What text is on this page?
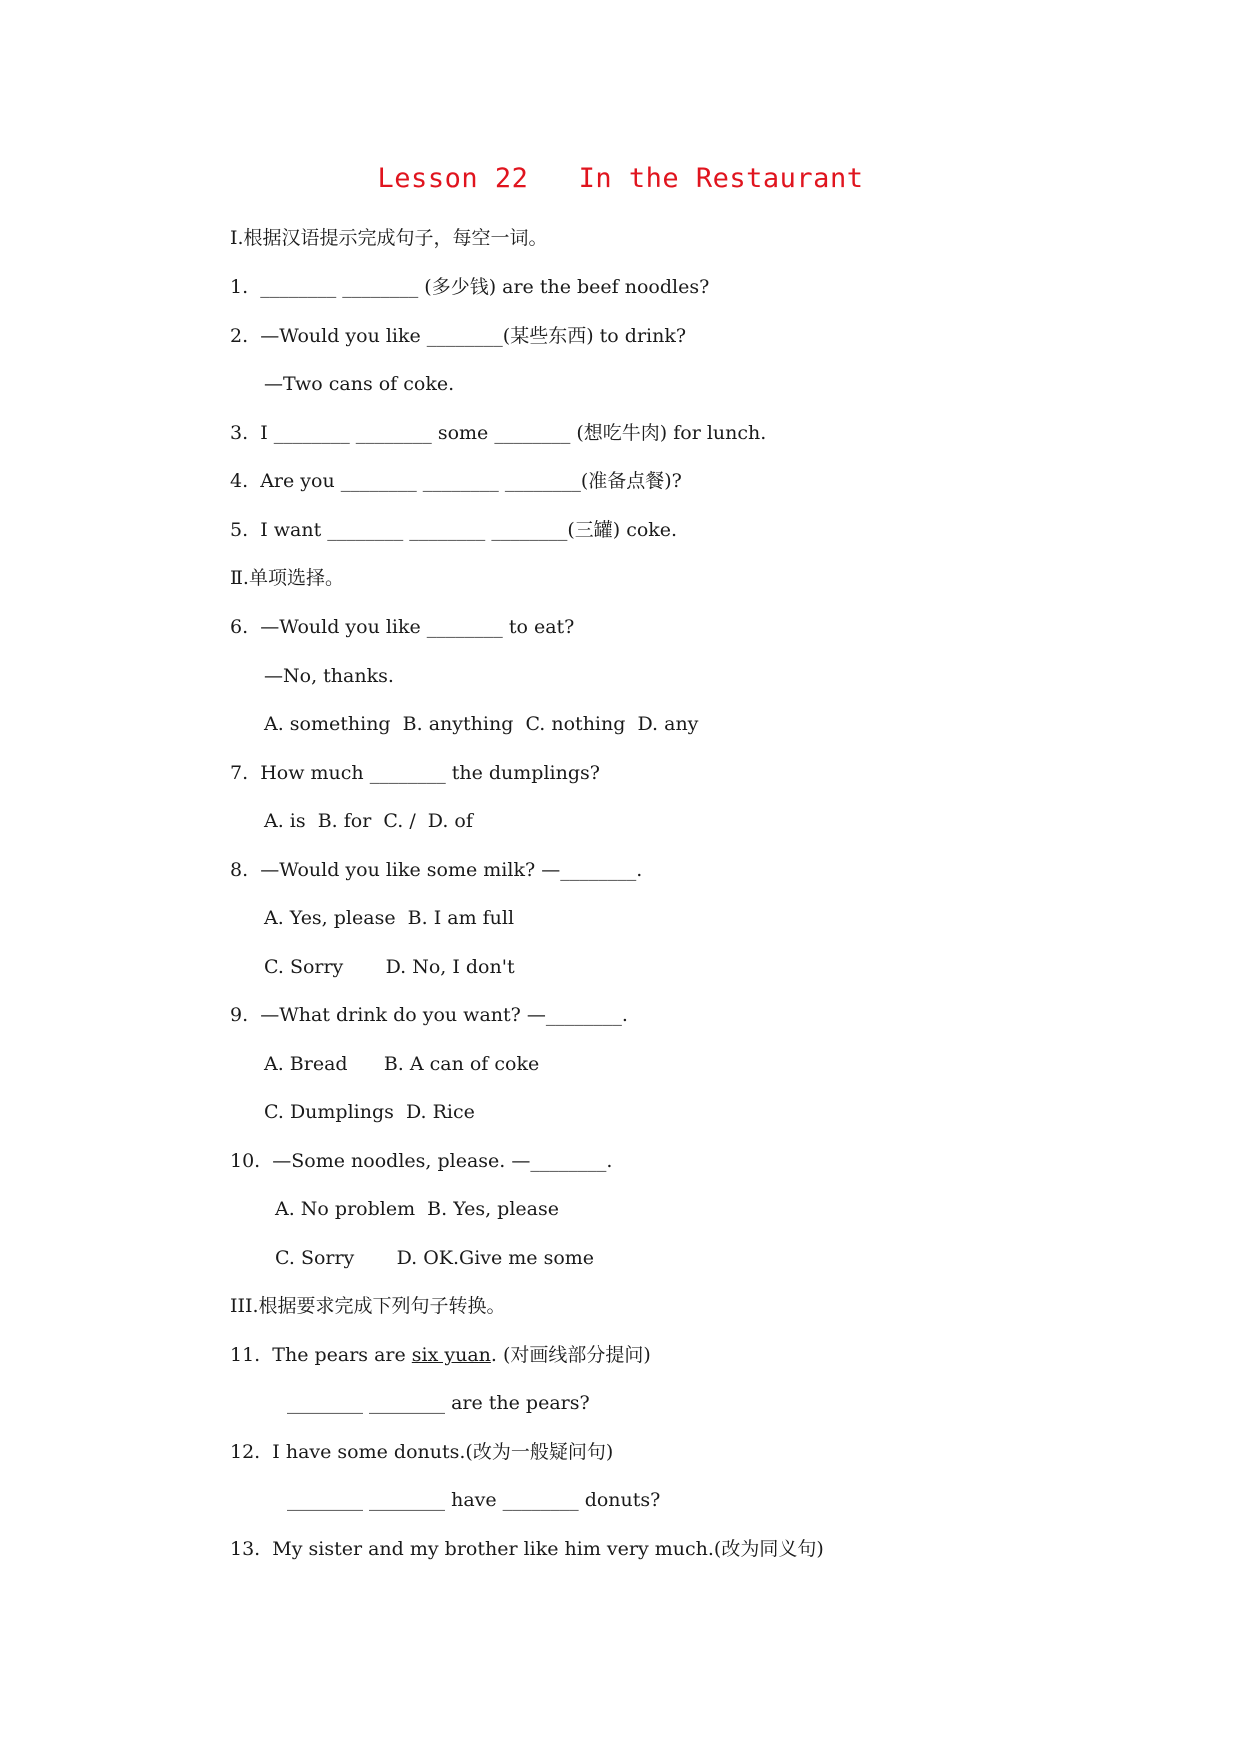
Lesson 22   In the Restaurant
Ⅰ.根据汉语提示完成句子，每空一词。
1.  ________ ________ (多少钱) are the beef noodles?
2.  —Would you like ________(某些东西) to drink?
—Two cans of coke.
3.  I ________ ________ some ________ (想吃牛肉) for lunch.
4.  Are you ________ ________ ________(准备点餐)?
5.  I want ________ ________ ________(三罐) coke.
Ⅱ.单项选择。
6.  —Would you like ________ to eat?
—No, thanks.
A. something  B. anything  C. nothing  D. any
7.  How much ________ the dumplings?
A. is  B. for  C. /  D. of
8.  —Would you like some milk? —________.
A. Yes, please  B. I am full
C. Sorry       D. No, I don't
9.  —What drink do you want? —________.
A. Bread      B. A can of coke
C. Dumplings  D. Rice
10.  —Some noodles, please. —________.
A. No problem  B. Yes, please
C. Sorry       D. OK.Give me some
III.根据要求完成下列句子转换。
11.  The pears are six yuan. (对画线部分提问)
________ ________ are the pears?
12.  I have some donuts.(改为一般疑问句)
________ ________ have ________ donuts?
13.  My sister and my brother like him very much.(改为同义句)
